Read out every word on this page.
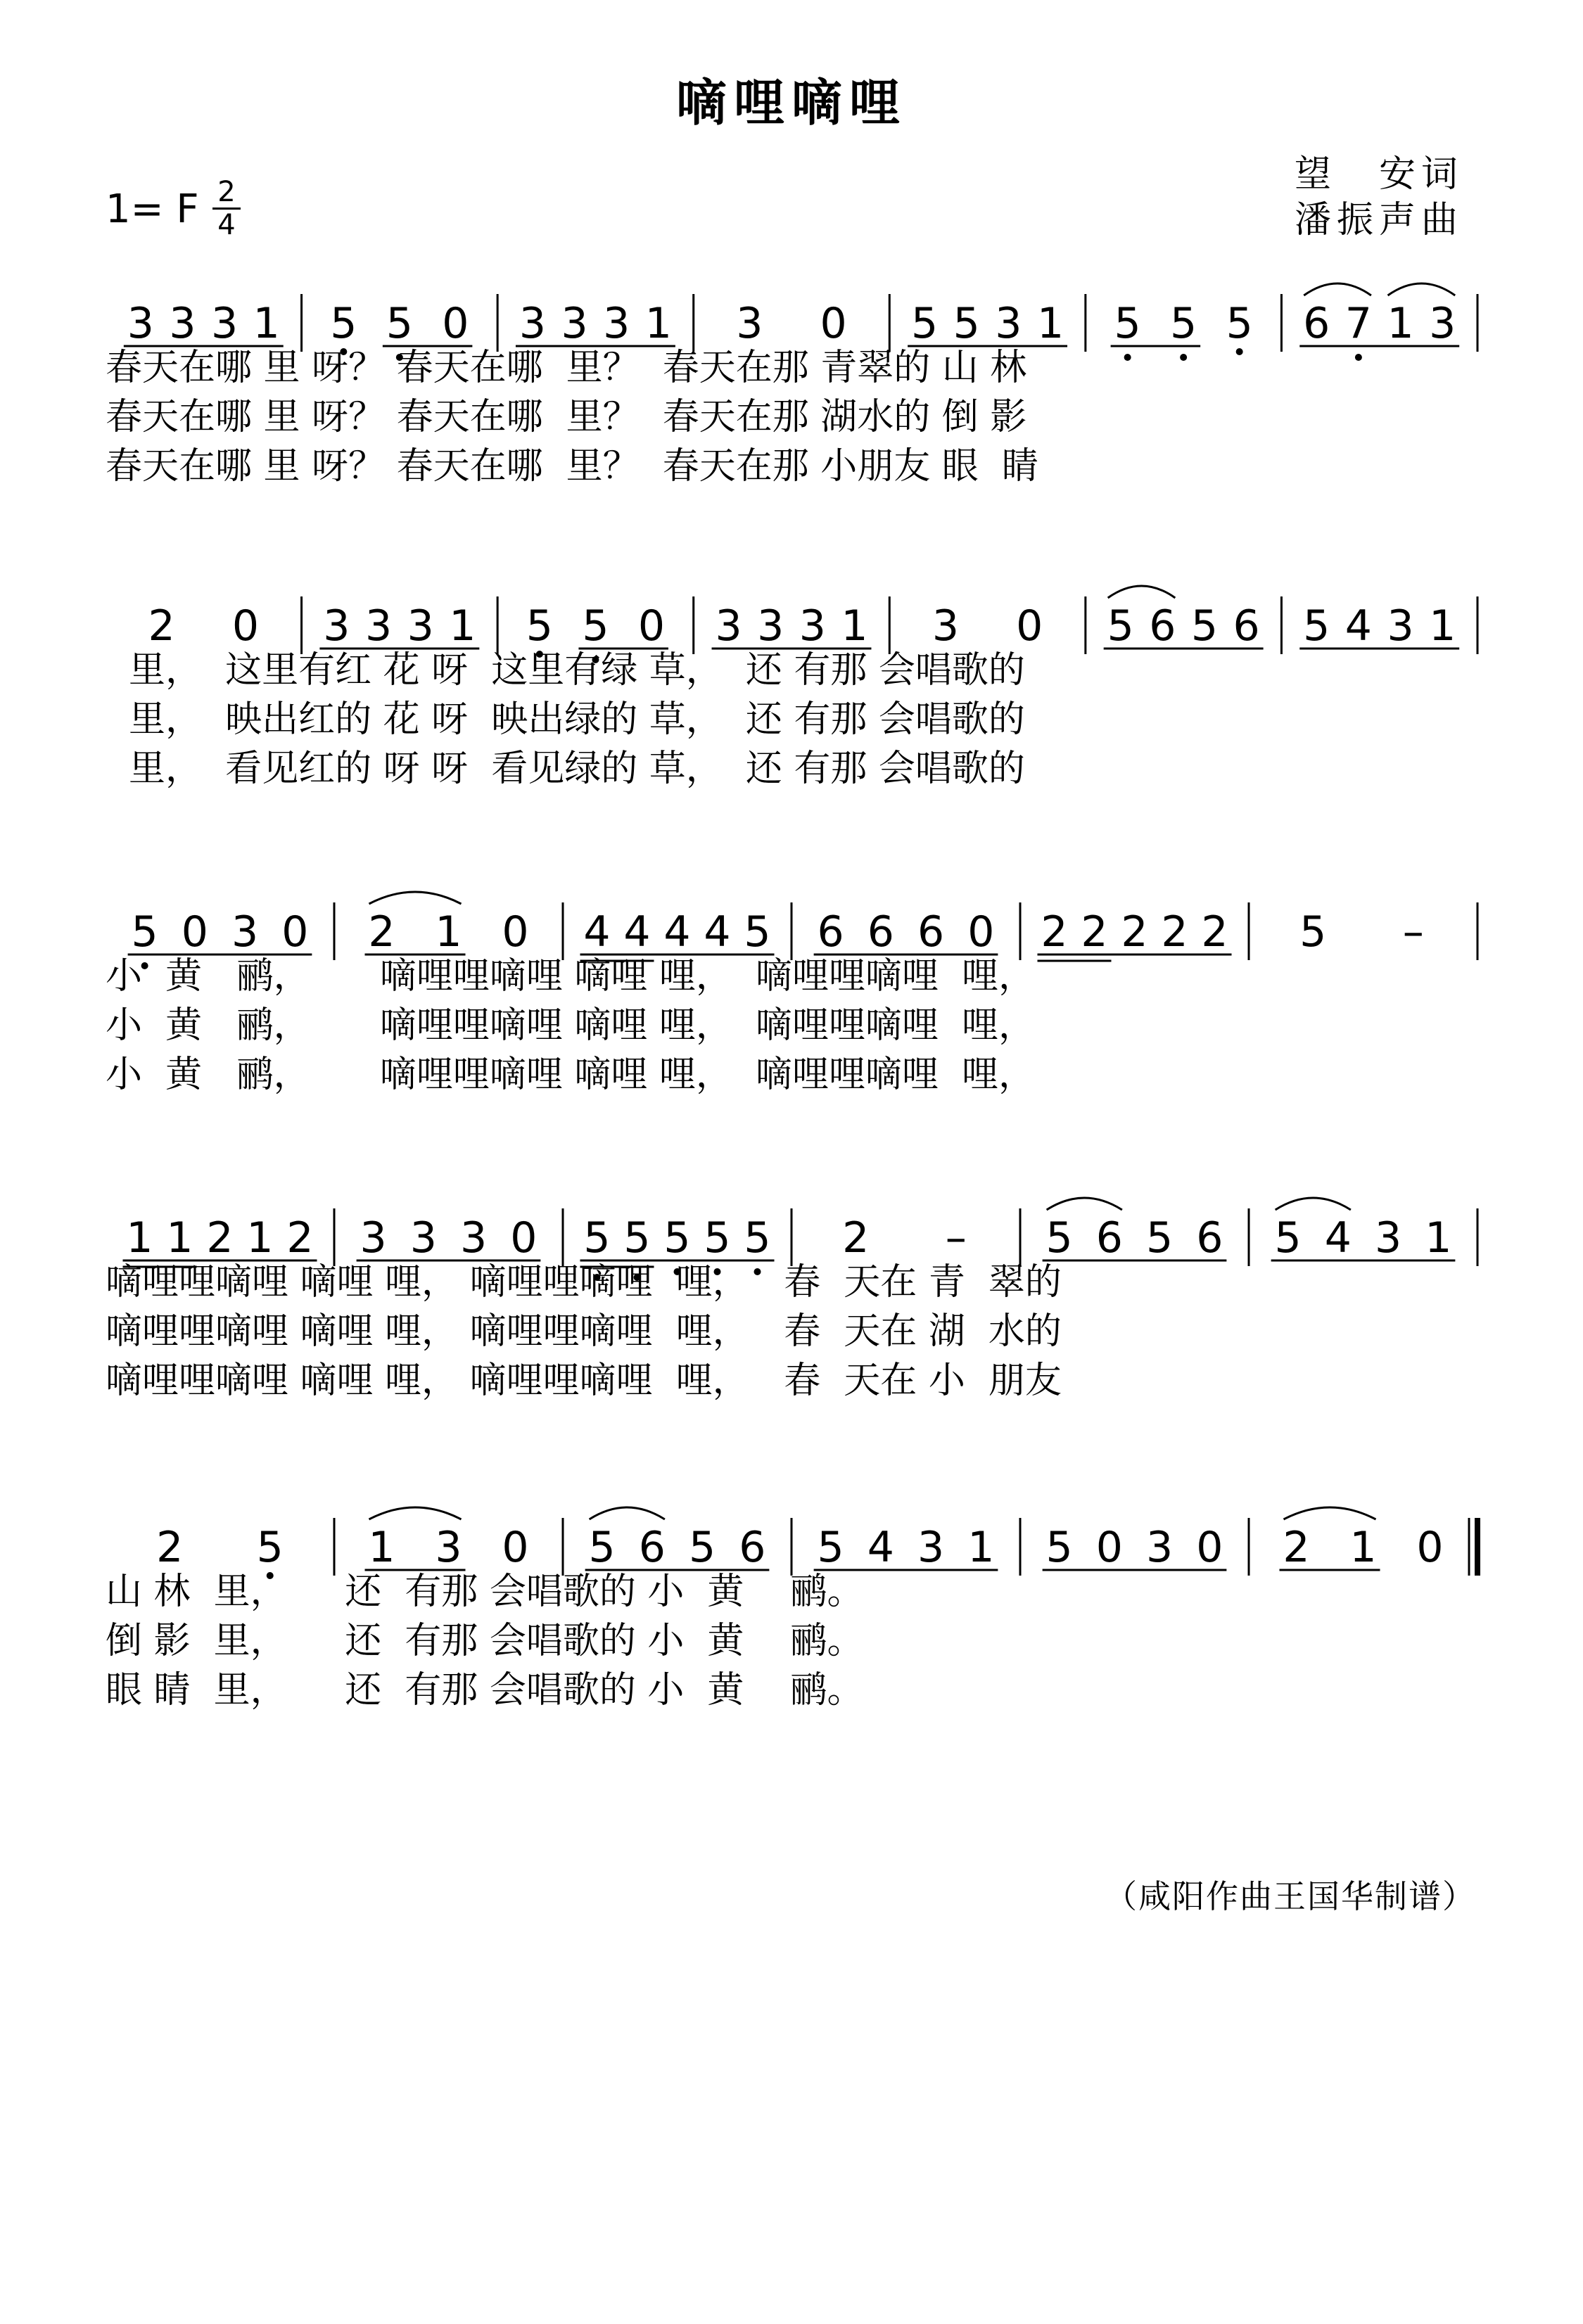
嘀哩嘀哩
1= F 2
4
望　安词
潘振声曲
3 3 3 1 5 5 0 3 3 3 1 3 0 5 5 3 1 5 5 5 6 7 1 3
春天在哪 里 呀？ 春天在哪  里？  春天在那 青翠的 山 林
春天在哪 里 呀？ 春天在哪  里？  春天在那 湖水的 倒 影
春天在哪 里 呀？ 春天在哪  里？  春天在那 小朋友 眼  睛
2 0 3 3 3 1 5 5 0 3 3 3 1 3 0 5 6 5 6 5 4 3 1
里，  这里有红 花 呀  这里有绿 草，  还 有那 会唱歌的
里，  映出红的 花 呀  映出绿的 草，  还 有那 会唱歌的
里，  看见红的 呀 呀  看见绿的 草，  还 有那 会唱歌的
5 0 3 0 2 1 0 4 4 4 4 5 6 6 6 0 2 2 2 2 2 5 –
小  黄   鹂，      嘀哩哩嘀哩 嘀哩 哩，  嘀哩哩嘀哩  哩，
小  黄   鹂，      嘀哩哩嘀哩 嘀哩 哩，  嘀哩哩嘀哩  哩，
小  黄   鹂，      嘀哩哩嘀哩 嘀哩 哩，  嘀哩哩嘀哩  哩，
1 1 2 1 2 3 3 3 0 5 5 5 5 5 2 – 5 6 5 6 5 4 3 1
嘀哩哩嘀哩 嘀哩 哩， 嘀哩哩嘀哩  哩，   春  天在 青  翠的
嘀哩哩嘀哩 嘀哩 哩， 嘀哩哩嘀哩  哩，   春  天在 湖  水的
嘀哩哩嘀哩 嘀哩 哩， 嘀哩哩嘀哩  哩，   春  天在 小  朋友
2 5 1 3 0 5 6 5 6 5 4 3 1 5 0 3 0 2 1 0
山 林  里，     还  有那 会唱歌的 小  黄    鹂。
倒 影  里，     还  有那 会唱歌的 小  黄    鹂。
眼 睛  里，     还  有那 会唱歌的 小  黄    鹂。
（咸阳作曲王国华制谱）
